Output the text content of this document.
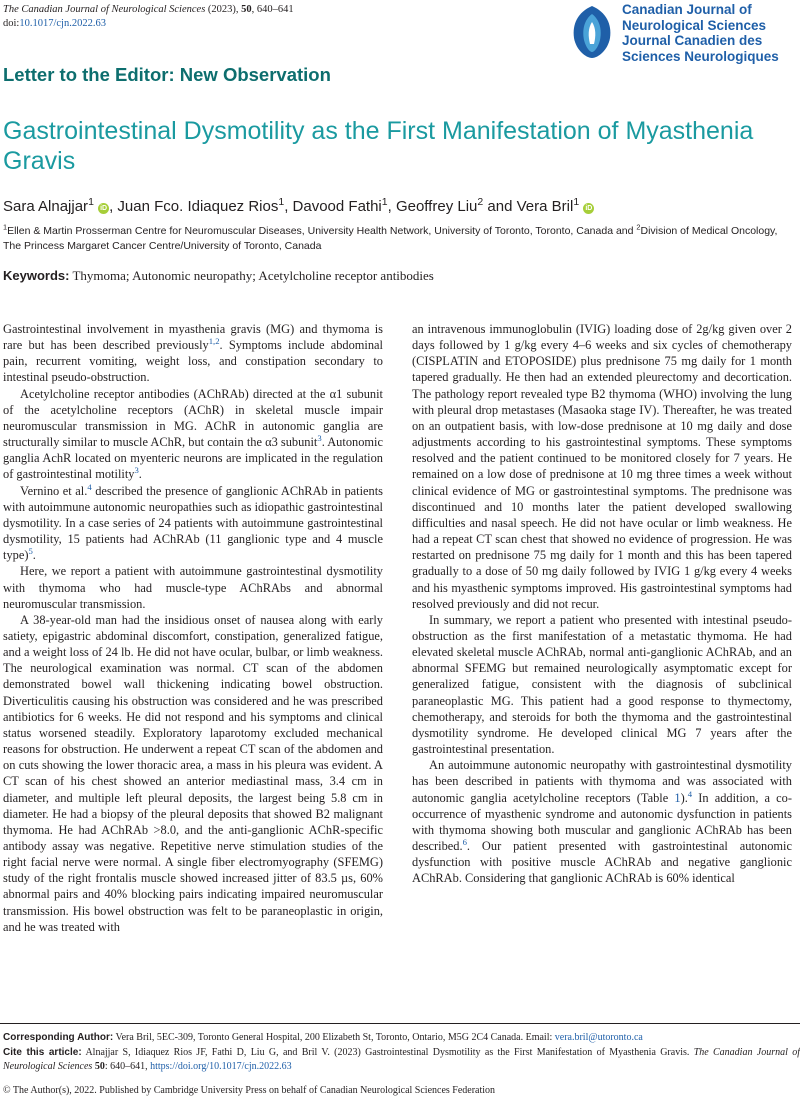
The Canadian Journal of Neurological Sciences (2023), 50, 640–641
doi:10.1017/cjn.2022.63
Canadian Journal of
Neurological Sciences
Journal Canadien des
Sciences Neurologiques
Letter to the Editor: New Observation
Gastrointestinal Dysmotility as the First Manifestation of Myasthenia Gravis
Sara Alnajjar$^1$ iD , Juan Fco. Idiaquez Rios$^1$, Davood Fathi$^1$, Geoffrey Liu$^2$ and Vera Bril$^1$ iD
$^1$Ellen & Martin Prosserman Centre for Neuromuscular Diseases, University Health Network, University of Toronto, Toronto, Canada and $^2$Division of Medical Oncology, The Princess Margaret Cancer Centre/University of Toronto, Canada
Keywords: Thymoma; Autonomic neuropathy; Acetylcholine receptor antibodies

Gastrointestinal involvement in myasthenia gravis (MG) and thymoma is rare but has been described previously$^{1,2}$. Symptoms include abdominal pain, recurrent vomiting, weight loss, and constipation secondary to intestinal pseudo-obstruction.

Acetylcholine receptor antibodies (AChRAb) directed at the α1 subunit of the acetylcholine receptors (AChR) in skeletal muscle impair neuromuscular transmission in MG. AChR in autonomic ganglia are structurally similar to muscle AChR, but contain the α3 subunit$^3$. Autonomic ganglia AchR located on myenteric neurons are implicated in the regulation of gastrointestinal motility$^3$.

Vernino et al.$^4$ described the presence of ganglionic AChRAb in patients with autoimmune autonomic neuropathies such as idiopathic gastrointestinal dysmotility. In a case series of 24 patients with autoimmune gastrointestinal dysmotility, 15 patients had AChRAb (11 ganglionic type and 4 muscle type)$^5$.

Here, we report a patient with autoimmune gastrointestinal dysmotility with thymoma who had muscle-type AChRAbs and abnormal neuromuscular transmission.

A 38-year-old man had the insidious onset of nausea along with early satiety, epigastric abdominal discomfort, constipation, generalized fatigue, and a weight loss of 24 lb. He did not have ocular, bulbar, or limb weakness. The neurological examination was normal. CT scan of the abdomen demonstrated bowel wall thickening indicating bowel obstruction. Diverticulitis causing his obstruction was considered and he was prescribed antibiotics for 6 weeks. He did not respond and his symptoms and clinical status worsened steadily. Exploratory laparotomy excluded mechanical reasons for obstruction. He underwent a repeat CT scan of the abdomen and on cuts showing the lower thoracic area, a mass in his pleura was evident. A CT scan of his chest showed an anterior mediastinal mass, 3.4 cm in diameter, and multiple left pleural deposits, the largest being 5.8 cm in diameter. He had a biopsy of the pleural deposits that showed B2 malignant thymoma. He had AChRAb >8.0, and the anti-ganglionic AChR-specific antibody assay was negative. Repetitive nerve stimulation studies of the right facial nerve were normal. A single fiber electromyography (SFEMG) study of the right frontalis muscle showed increased jitter of 83.5 µs, 60% abnormal pairs and 40% blocking pairs indicating impaired neuromuscular transmission. His bowel obstruction was felt to be paraneoplastic in origin, and he was treated with

an intravenous immunoglobulin (IVIG) loading dose of 2g/kg given over 2 days followed by 1 g/kg every 4–6 weeks and six cycles of chemotherapy (CISPLATIN and ETOPOSIDE) plus prednisone 75 mg daily for 1 month tapered gradually. He then had an extended pleurectomy and decortication. The pathology report revealed type B2 thymoma (WHO) involving the lung with pleural drop metastases (Masaoka stage IV). Thereafter, he was treated on an outpatient basis, with low-dose prednisone at 10 mg daily and dose adjustments according to his gastrointestinal symptoms. These symptoms resolved and the patient continued to be monitored closely for 7 years. He remained on a low dose of prednisone at 10 mg three times a week without clinical evidence of MG or gastrointestinal symptoms. The prednisone was discontinued and 10 months later the patient developed swallowing difficulties and nasal speech. He did not have ocular or limb weakness. He had a repeat CT scan chest that showed no evidence of progression. He was restarted on prednisone 75 mg daily for 1 month and this has been tapered gradually to a dose of 50 mg daily followed by IVIG 1 g/kg every 4 weeks and his myasthenic symptoms improved. His gastrointestinal symptoms had resolved previously and did not recur.

In summary, we report a patient who presented with intestinal pseudo-obstruction as the first manifestation of a metastatic thymoma. He had elevated skeletal muscle AChRAb, normal anti-ganglionic AChRAb, and an abnormal SFEMG but remained neurologically asymptomatic except for generalized fatigue, consistent with the diagnosis of subclinical paraneoplastic MG. This patient had a good response to thymectomy, chemotherapy, and steroids for both the thymoma and the gastrointestinal dysmotility syndrome. He developed clinical MG 7 years after the gastrointestinal presentation.

An autoimmune autonomic neuropathy with gastrointestinal dysmotility has been described in patients with thymoma and was associated with autonomic ganglia acetylcholine receptors (Table 1).$^4$ In addition, a co-occurrence of myasthenic syndrome and autonomic dysfunction in patients with thymoma showing both muscular and ganglionic AChRAb has been described.$^6$. Our patient presented with gastrointestinal autonomic dysfunction with positive muscle AChRAb and negative ganglionic AChRAb. Considering that ganglionic AChRAb is 60% identical

Corresponding Author: Vera Bril, 5EC-309, Toronto General Hospital, 200 Elizabeth St, Toronto, Ontario, M5G 2C4 Canada. Email: vera.bril@utoronto.ca
Cite this article: Alnajjar S, Idiaquez Rios JF, Fathi D, Liu G, and Bril V. (2023) Gastrointestinal Dysmotility as the First Manifestation of Myasthenia Gravis. The Canadian Journal of Neurological Sciences 50: 640–641, https://doi.org/10.1017/cjn.2022.63
© The Author(s), 2022. Published by Cambridge University Press on behalf of Canadian Neurological Sciences Federation
